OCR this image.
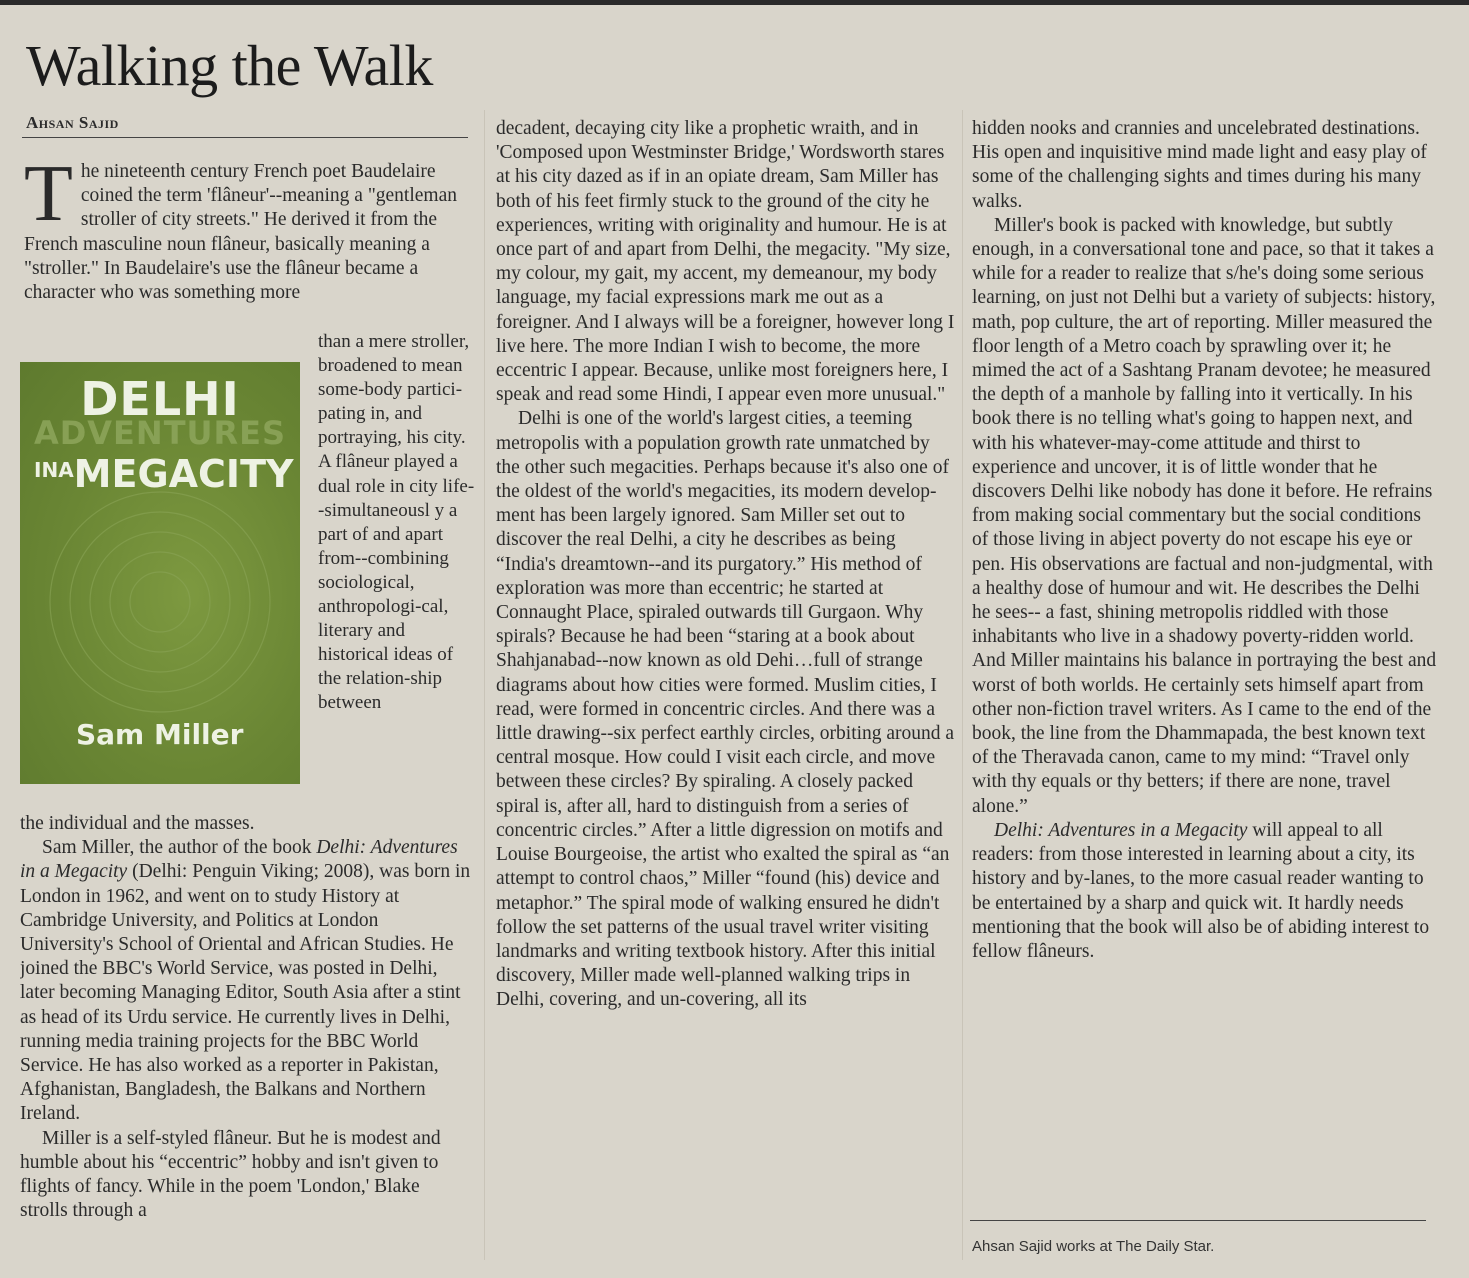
Walking the Walk
Ahsan Sajid
The nineteenth century French poet Baudelaire coined the term 'flâneur'--meaning a "gentleman stroller of city streets." He derived it from the French masculine noun flâneur, basically meaning a "stroller." In Baudelaire's use the flâneur became a character who was something more
DELHI
ADVENTURES
$^{INA}$MEGACITY
Sam Miller
than a mere stroller, broadened to mean some-body partici-pating in, and portraying, his city. A flâneur played a dual role in city life--simultaneousl y a part of and apart from--combining sociological, anthropologi-cal, literary and historical ideas of the relation-ship between

the individual and the masses.

Sam Miller, the author of the book Delhi: Adventures in a Megacity (Delhi: Penguin Viking; 2008), was born in London in 1962, and went on to study History at Cambridge University, and Politics at London University's School of Oriental and African Studies. He joined the BBC's World Service, was posted in Delhi, later becoming Managing Editor, South Asia after a stint as head of its Urdu service. He currently lives in Delhi, running media training projects for the BBC World Service. He has also worked as a reporter in Pakistan, Afghanistan, Bangladesh, the Balkans and Northern Ireland.

Miller is a self-styled flâneur. But he is modest and humble about his “eccentric” hobby and isn't given to flights of fancy. While in the poem 'London,' Blake strolls through a

decadent, decaying city like a prophetic wraith, and in 'Composed upon Westminster Bridge,' Wordsworth stares at his city dazed as if in an opiate dream, Sam Miller has both of his feet firmly stuck to the ground of the city he experiences, writing with originality and humour. He is at once part of and apart from Delhi, the megacity. "My size, my colour, my gait, my accent, my demeanour, my body language, my facial expressions mark me out as a foreigner. And I always will be a foreigner, however long I live here. The more Indian I wish to become, the more eccentric I appear. Because, unlike most foreigners here, I speak and read some Hindi, I appear even more unusual."

Delhi is one of the world's largest cities, a teeming metropolis with a population growth rate unmatched by the other such megacities. Perhaps because it's also one of the oldest of the world's megacities, its modern develop-ment has been largely ignored. Sam Miller set out to discover the real Delhi, a city he describes as being “India's dreamtown--and its purgatory.” His method of exploration was more than eccentric; he started at Connaught Place, spiraled outwards till Gurgaon. Why spirals? Because he had been “staring at a book about Shahjanabad--now known as old Dehi…full of strange diagrams about how cities were formed. Muslim cities, I read, were formed in concentric circles. And there was a little drawing--six perfect earthly circles, orbiting around a central mosque. How could I visit each circle, and move between these circles? By spiraling. A closely packed spiral is, after all, hard to distinguish from a series of concentric circles.” After a little digression on motifs and Louise Bourgeoise, the artist who exalted the spiral as “an attempt to control chaos,” Miller “found (his) device and metaphor.” The spiral mode of walking ensured he didn't follow the set patterns of the usual travel writer visiting landmarks and writing textbook history. After this initial discovery, Miller made well-planned walking trips in Delhi, covering, and un-covering, all its

hidden nooks and crannies and uncelebrated destinations. His open and inquisitive mind made light and easy play of some of the challenging sights and times during his many walks.

Miller's book is packed with knowledge, but subtly enough, in a conversational tone and pace, so that it takes a while for a reader to realize that s/he's doing some serious learning, on just not Delhi but a variety of subjects: history, math, pop culture, the art of reporting. Miller measured the floor length of a Metro coach by sprawling over it; he mimed the act of a Sashtang Pranam devotee; he measured the depth of a manhole by falling into it vertically. In his book there is no telling what's going to happen next, and with his whatever-may-come attitude and thirst to experience and uncover, it is of little wonder that he discovers Delhi like nobody has done it before. He refrains from making social commentary but the social conditions of those living in abject poverty do not escape his eye or pen. His observations are factual and non-judgmental, with a healthy dose of humour and wit. He describes the Delhi he sees-- a fast, shining metropolis riddled with those inhabitants who live in a shadowy poverty-ridden world. And Miller maintains his balance in portraying the best and worst of both worlds. He certainly sets himself apart from other non-fiction travel writers. As I came to the end of the book, the line from the Dhammapada, the best known text of the Theravada canon, came to my mind: “Travel only with thy equals or thy betters; if there are none, travel alone.”

Delhi: Adventures in a Megacity will appeal to all readers: from those interested in learning about a city, its history and by-lanes, to the more casual reader wanting to be entertained by a sharp and quick wit. It hardly needs mentioning that the book will also be of abiding interest to fellow flâneurs.

Ahsan Sajid works at The Daily Star.
